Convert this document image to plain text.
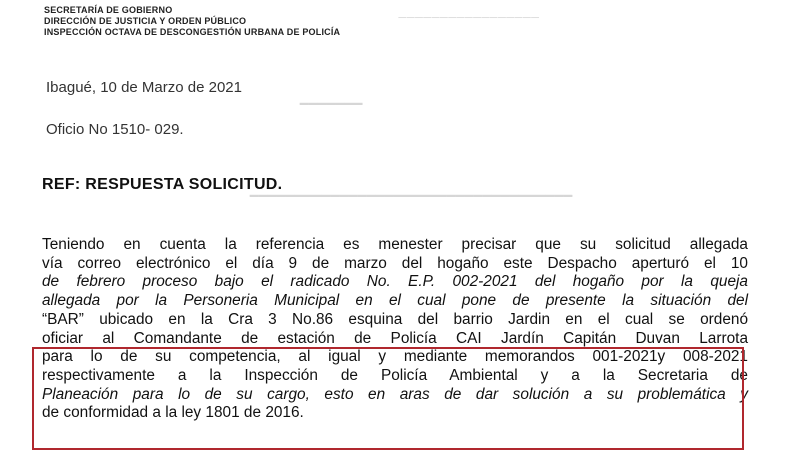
─────────────────
▁▁▁▁▁▁▁
▁▁▁▁▁▁▁▁▁▁▁▁▁▁▁▁▁▁▁▁▁▁▁▁▁▁▁▁▁▁▁▁▁▁▁▁
SECRETARÍA DE GOBIERNO
DIRECCIÓN DE JUSTICIA Y ORDEN PÚBLICO
INSPECCIÓN OCTAVA DE DESCONGESTIÓN URBANA DE POLICÍA
Ibagué, 10 de Marzo de 2021
Oficio No 1510- 029.
REF: RESPUESTA SOLICITUD.
Teniendo en cuenta la referencia es menester precisar que su solicitud allegada
vía correo electrónico el día 9 de marzo del hogaño este Despacho aperturó el 10
de febrero proceso bajo el radicado No. E.P. 002-2021 del hogaño por la queja
allegada por la Personeria Municipal en el cual pone de presente la situación del
“BAR” ubicado en la Cra 3 No.86 esquina del barrio Jardin en el cual se ordenó
oficiar al Comandante de estación de Policía CAI Jardín Capitán Duvan Larrota
para lo de su competencia, al igual y mediante memorandos 001-2021y 008-2021
respectivamente a la Inspección de Policía Ambiental y a la Secretaria de
Planeación para lo de su cargo, esto en aras de dar solución a su problemática y
de conformidad a la ley 1801 de 2016.
